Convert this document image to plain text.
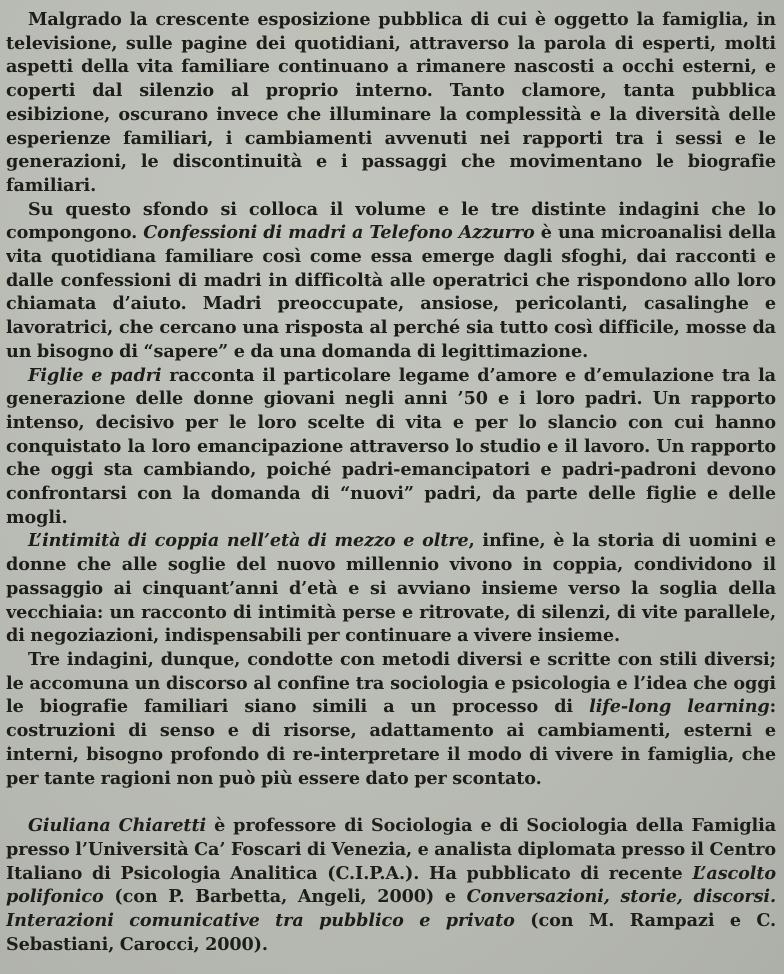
Malgrado la crescente esposizione pubblica di cui è oggetto la famiglia, in televisione, sulle pagine dei quotidiani, attraverso la parola di esperti, molti aspetti della vita familiare continuano a rimanere nascosti a occhi esterni, e coperti dal silenzio al proprio interno. Tanto clamore, tanta pubblica esibizione, oscurano invece che illuminare la complessità e la diversità delle esperienze familiari, i cambiamenti avvenuti nei rapporti tra i sessi e le generazioni, le discontinuità e i passaggi che movimentano le biografie familiari.

Su questo sfondo si colloca il volume e le tre distinte indagini che lo compongono. Confessioni di madri a Telefono Azzurro è una microanalisi della vita quotidiana familiare così come essa emerge dagli sfoghi, dai racconti e dalle confessioni di madri in difficoltà alle operatrici che rispondono allo loro chiamata d’aiuto. Madri preoccupate, ansiose, pericolanti, casalinghe e lavoratrici, che cercano una risposta al perché sia tutto così difficile, mosse da un bisogno di “sapere” e da una domanda di legittimazione.

Figlie e padri racconta il particolare legame d’amore e d’emulazione tra la generazione delle donne giovani negli anni ’50 e i loro padri. Un rapporto intenso, decisivo per le loro scelte di vita e per lo slancio con cui hanno conquistato la loro emancipazione attraverso lo studio e il lavoro. Un rapporto che oggi sta cambiando, poiché padri-emancipatori e padri-padroni devono confrontarsi con la domanda di “nuovi” padri, da parte delle figlie e delle mogli.

L’intimità di coppia nell’età di mezzo e oltre, infine, è la storia di uomini e donne che alle soglie del nuovo millennio vivono in coppia, condividono il passaggio ai cinquant’anni d’età e si avviano insieme verso la soglia della vecchiaia: un racconto di intimità perse e ritrovate, di silenzi, di vite parallele, di negoziazioni, indispensabili per continuare a vivere insieme.

Tre indagini, dunque, condotte con metodi diversi e scritte con stili diversi; le accomuna un discorso al confine tra sociologia e psicologia e l’idea che oggi le biografie familiari siano simili a un processo di life-long learning: costruzioni di senso e di risorse, adattamento ai cambiamenti, esterni e interni, bisogno profondo di re-interpretare il modo di vivere in famiglia, che per tante ragioni non può più essere dato per scontato.

Giuliana Chiaretti è professore di Sociologia e di Sociologia della Famiglia presso l’Università Ca’ Foscari di Venezia, e analista diplomata presso il Centro Italiano di Psicologia Analitica (C.I.P.A.). Ha pubblicato di recente L’ascolto polifonico (con P. Barbetta, Angeli, 2000) e Conversazioni, storie, discorsi. Interazioni comunicative tra pubblico e privato (con M. Rampazi e C. Sebastiani, Carocci, 2000).
